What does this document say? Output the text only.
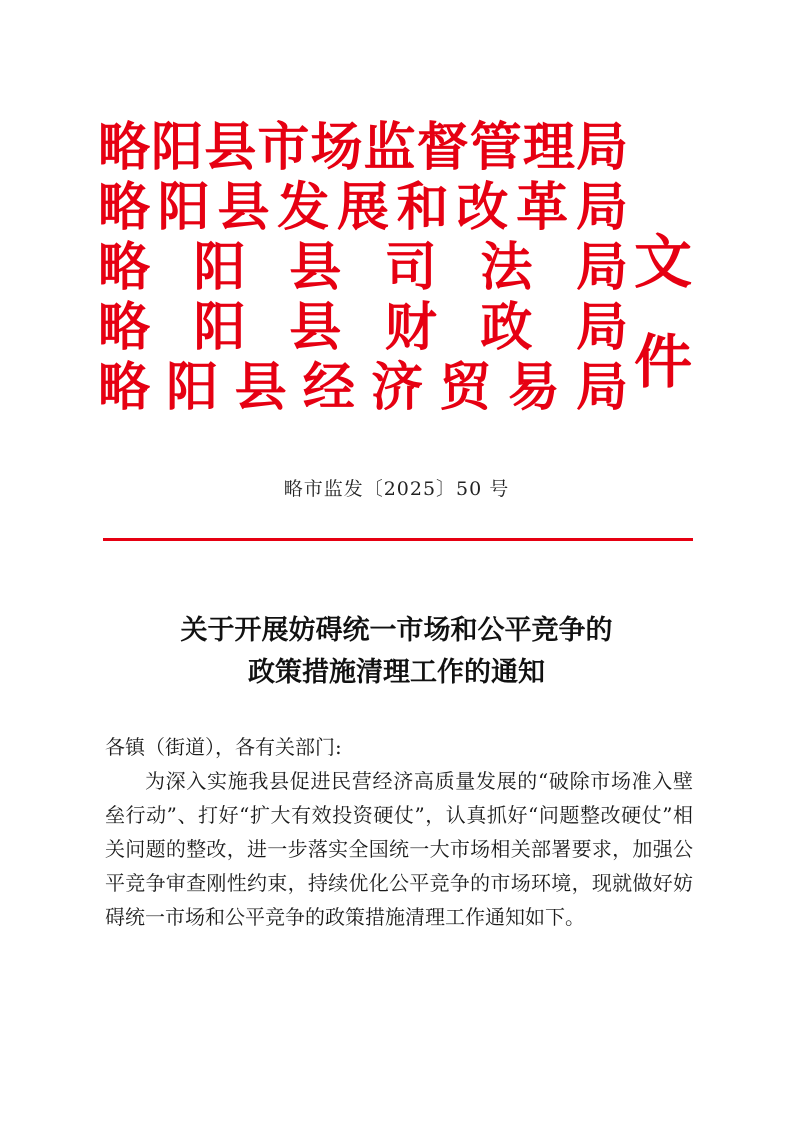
略 阳 县 市 场 监 督 管 理 局
略 阳 县 发 展 和 改 革 局
略 阳 县 司 法 局
略 阳 县 财 政 局
略 阳 县 经 济 贸 易 局
文
件
略市监发〔2025〕50 号
关于开展妨碍统一市场和公平竞争的
政策措施清理工作的通知

各镇（街道），各有关部门:

为深入实施我县促进民营经济高质量发展的“破除市场准入壁垒行动”、打好“扩大有效投资硬仗”，认真抓好“问题整改硬仗”相关问题的整改，进一步落实全国统一大市场相关部署要求，加强公平竞争审查刚性约束，持续优化公平竞争的市场环境，现就做好妨碍统一市场和公平竞争的政策措施清理工作通知如下。
